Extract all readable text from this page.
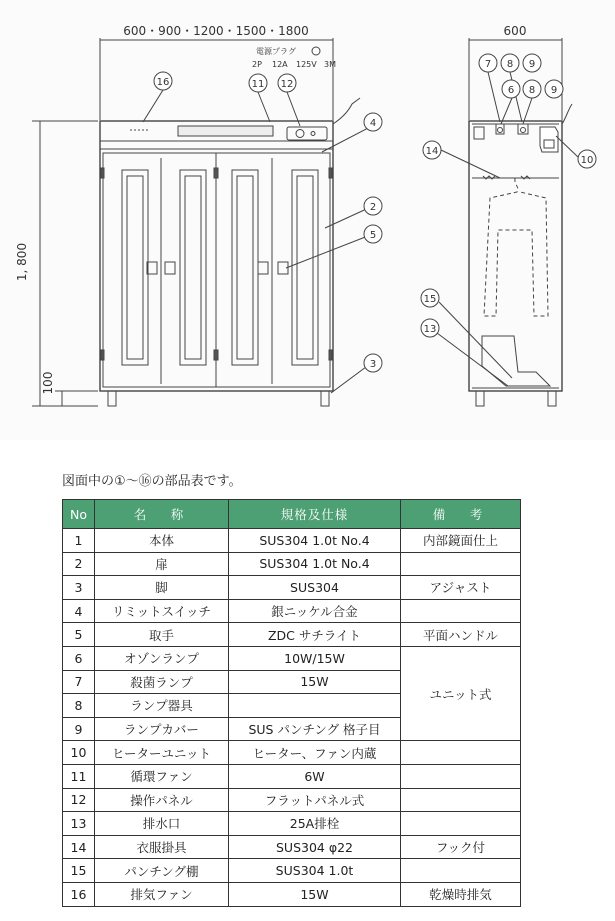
600・900・1200・1500・1800	600
1, 800
100
電源プラグ
2P 12A 125V 3M
16	11 12
4
2
5
3
7 8 9
6 8 9
10
14
15
13
図面中の①～⑯の部品表です。
No	名　称	規格及仕様	備　考
1	本体	SUS304 1.0t No.4	内部鏡面仕上
2	扉	SUS304 1.0t No.4	
3	脚	SUS304	アジャスト
4	リミットスイッチ	銀ニッケル合金	
5	取手	ZDC サチライト	平面ハンドル
6	オゾンランプ	10W/15W	ユニット式
7	殺菌ランプ	15W	
8	ランプ器具		
9	ランプカバー	SUS パンチング 格子目	
10	ヒーターユニット	ヒーター、ファン内蔵	
11	循環ファン	6W	
12	操作パネル	フラットパネル式	
13	排水口	25A排栓	
14	衣服掛具	SUS304 φ22	フック付
15	パンチング棚	SUS304 1.0t	
16	排気ファン	15W	乾燥時排気
